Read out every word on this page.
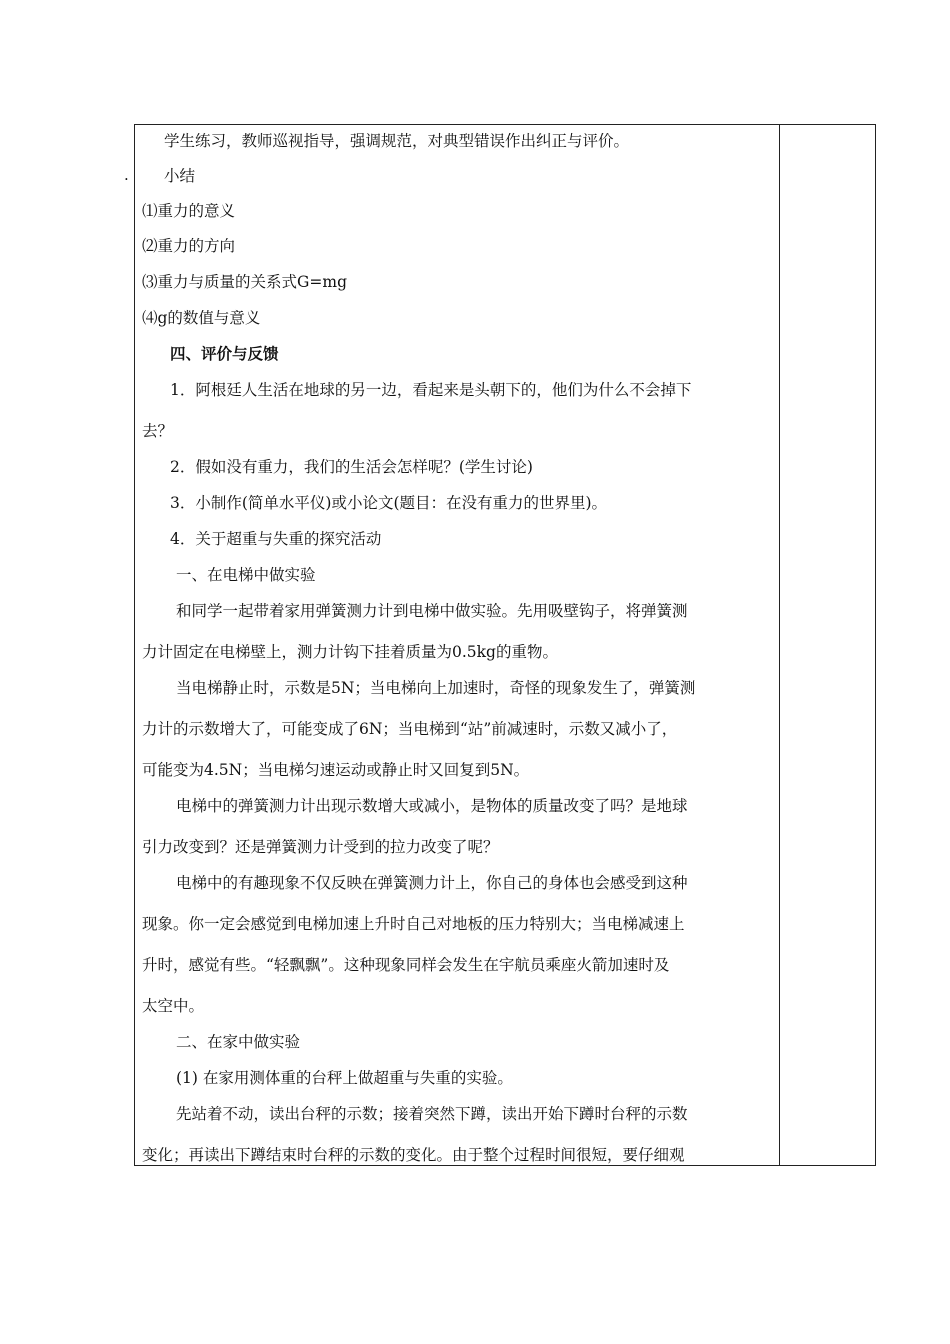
.
学生练习，教师巡视指导，强调规范，对典型错误作出纠正与评价。
小结
⑴重力的意义
⑵重力的方向
⑶重力与质量的关系式G=mg
⑷g的数值与意义
四、评价与反馈
1．阿根廷人生活在地球的另一边，看起来是头朝下的，他们为什么不会掉下
去？
2．假如没有重力，我们的生活会怎样呢？(学生讨论)
3．小制作(简单水平仪)或小论文(题目：在没有重力的世界里)。
4．关于超重与失重的探究活动
一、在电梯中做实验
和同学一起带着家用弹簧测力计到电梯中做实验。先用吸壁钩子，将弹簧测
力计固定在电梯壁上，测力计钩下挂着质量为0.5kg的重物。
当电梯静止时，示数是5N；当电梯向上加速时，奇怪的现象发生了，弹簧测
力计的示数增大了，可能变成了6N；当电梯到“站”前减速时，示数又减小了，
可能变为4.5N；当电梯匀速运动或静止时又回复到5N。
电梯中的弹簧测力计出现示数增大或减小，是物体的质量改变了吗？是地球
引力改变到？还是弹簧测力计受到的拉力改变了呢？
电梯中的有趣现象不仅反映在弹簧测力计上，你自己的身体也会感受到这种
现象。你一定会感觉到电梯加速上升时自己对地板的压力特别大；当电梯减速上
升时，感觉有些。“轻飘飘”。这种现象同样会发生在宇航员乘座火箭加速时及
太空中。
二、在家中做实验
(1) 在家用测体重的台秤上做超重与失重的实验。
先站着不动，读出台秤的示数；接着突然下蹲，读出开始下蹲时台秤的示数
变化；再读出下蹲结束时台秤的示数的变化。由于整个过程时间很短，要仔细观
